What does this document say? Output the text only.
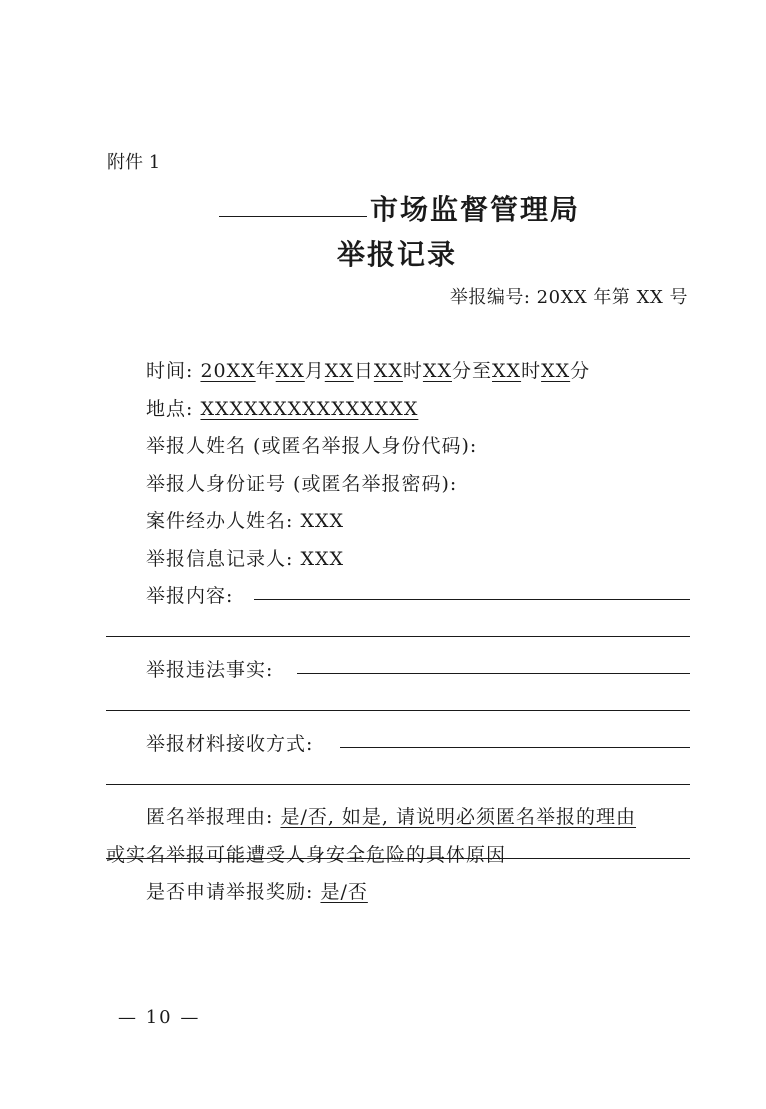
附件 1
市场监督管理局
举报记录
举报编号: 20XX 年第 XX 号
时间: 20XX年XX月XX日XX时XX分至XX时XX分
地点: XXXXXXXXXXXXXXX
举报人姓名 (或匿名举报人身份代码):
举报人身份证号 (或匿名举报密码):
案件经办人姓名: XXX
举报信息记录人: XXX
举报内容:
举报违法事实:
举报材料接收方式:
匿名举报理由: 是/否, 如是, 请说明必须匿名举报的理由
或实名举报可能遭受人身安全危险的具体原因
是否申请举报奖励: 是/否
— 10 —
